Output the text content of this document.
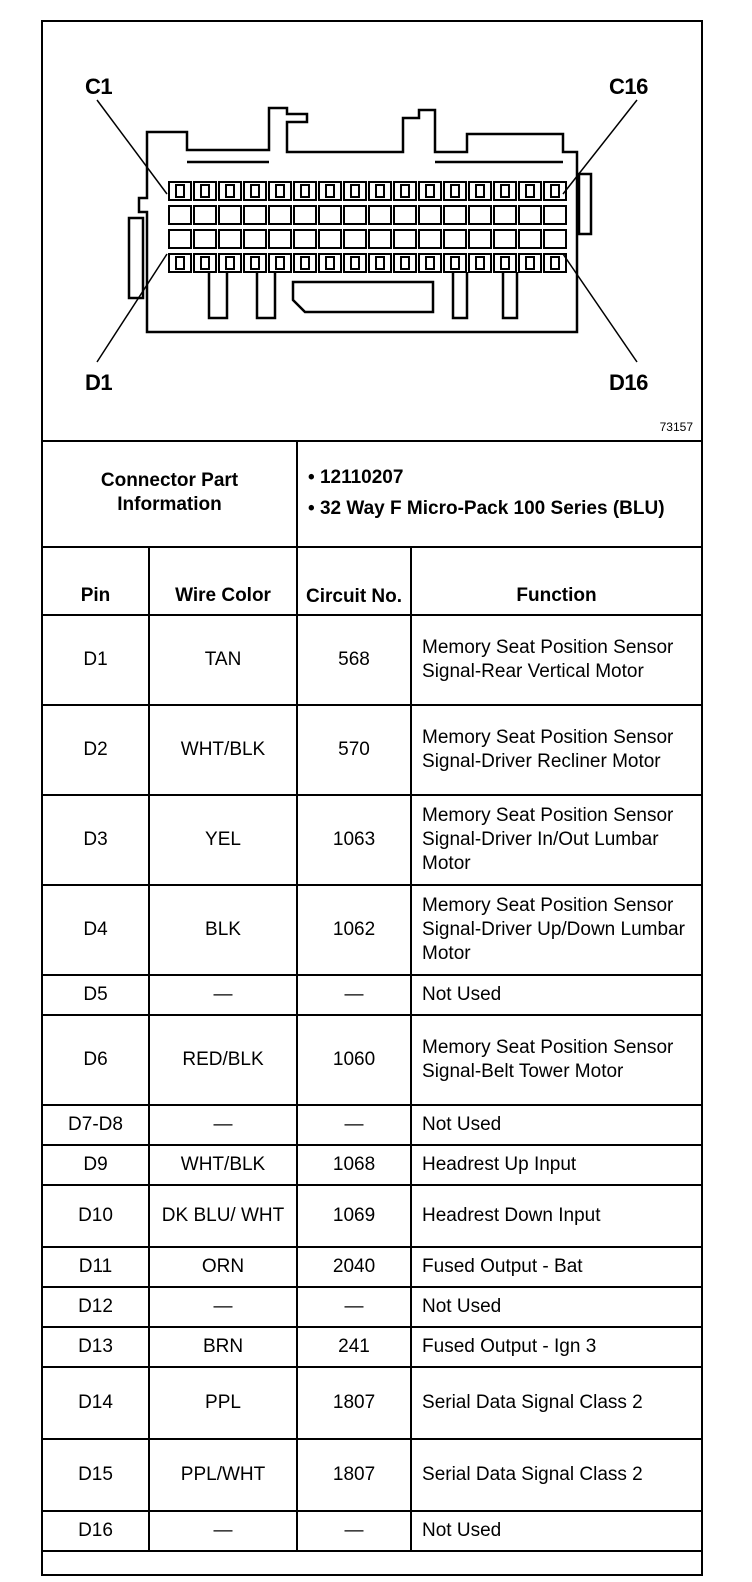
C1	C16
D1	D16
73157
Connector Part Information		• 12110207
• 32 Way F Micro-Pack 100 Series (BLU)	

Pin	Wire Color	Circuit No.	Function
D1	TAN	568	Memory Seat Position Sensor Signal-Rear Vertical Motor
D2	WHT/BLK	570	Memory Seat Position Sensor Signal-Driver Recliner Motor
D3	YEL	1063	Memory Seat Position Sensor Signal-Driver In/Out Lumbar Motor
D4	BLK	1062	Memory Seat Position Sensor Signal-Driver Up/Down Lumbar Motor
D5	—	—	Not Used
D6	RED/BLK	1060	Memory Seat Position Sensor Signal-Belt Tower Motor
D7-D8	—	—	Not Used
D9	WHT/BLK	1068	Headrest Up Input
D10	DK BLU/ WHT	1069	Headrest Down Input
D11	ORN	2040	Fused Output - Bat
D12	—	—	Not Used
D13	BRN	241	Fused Output - Ign 3
D14	PPL	1807	Serial Data Signal Class 2
D15	PPL/WHT	1807	Serial Data Signal Class 2
D16	—	—	Not Used
